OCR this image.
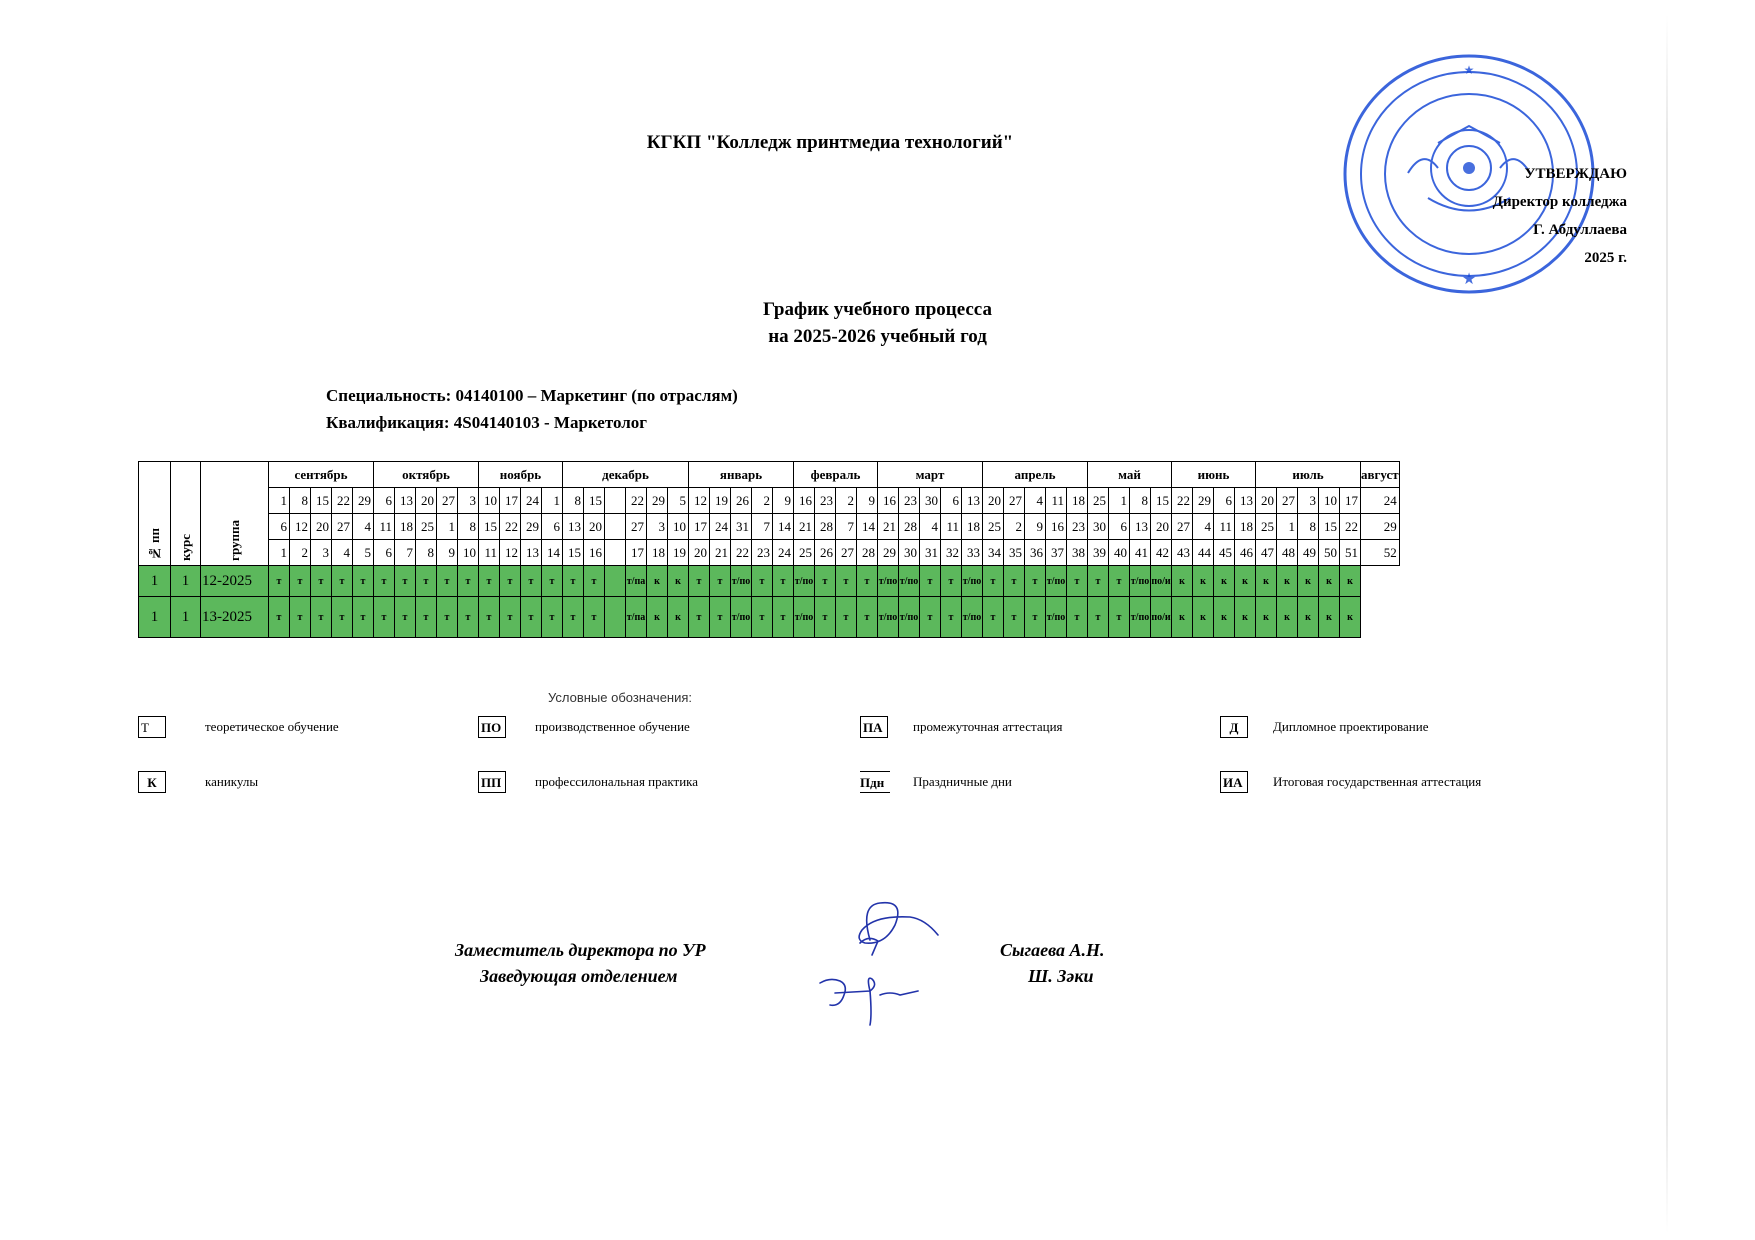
КГКП "Колледж принтмедиа технологий"
★
★
УТВЕРЖДАЮ
Директор колледжа
Г. Абдуллаева
2025 г.
График учебного процесса
на 2025-2026 учебный год
Специальность: 04140100 – Маркетинг (по отраслям)
Квалификация: 4S04140103 - Маркетолог
№ пп	курс	группа	сентябрь					октябрь					ноябрь				декабрь						январь					февраль				март					апрель					май				июнь				июль					август
			1	8	15	22	29	6	13	20	27	3	10	17	24	1	8	15		22	29	5	12	19	26	2	9	16	23	2	9	16	23	30	6	13	20	27	4	11	18	25	1	8	15	22	29	6	13	20	27	3	10	17	24
			6	12	20	27	4	11	18	25	1	8	15	22	29	6	13	20		27	3	10	17	24	31	7	14	21	28	7	14	21	28	4	11	18	25	2	9	16	23	30	6	13	20	27	4	11	18	25	1	8	15	22	29
			1	2	3	4	5	6	7	8	9	10	11	12	13	14	15	16		17	18	19	20	21	22	23	24	25	26	27	28	29	30	31	32	33	34	35	36	37	38	39	40	41	42	43	44	45	46	47	48	49	50	51	52
1	1	12-2025	т	т	т	т	т	т	т	т	т	т	т	т	т	т	т	т		т/па	к	к	т	т	т/по	т	т	т/по	т	т	т	т/по	т/по	т	т	т/по	т	т	т	т/по	т	т	т	т/по	по/и	к	к	к	к	к	к	к	к	к	
1	1	13-2025	т	т	т	т	т	т	т	т	т	т	т	т	т	т	т	т		т/па	к	к	т	т	т/по	т	т	т/по	т	т	т	т/по	т/по	т	т	т/по	т	т	т	т/по	т	т	т	т/по	по/и	к	к	к	к	к	к	к	к	к	
Условные обозначения:
Т	теоретическое обучение	ПО	производственное обучение	ПА	промежуточная аттестация	Д	Дипломное проектирование
К	каникулы	ПП	профессилональная практика	Пдн	Праздничные дни	ИА	Итоговая государственная аттестация
Заместитель директора по УР	Сыгаева А.Н.
Заведующая отделением	Ш. Зәки
